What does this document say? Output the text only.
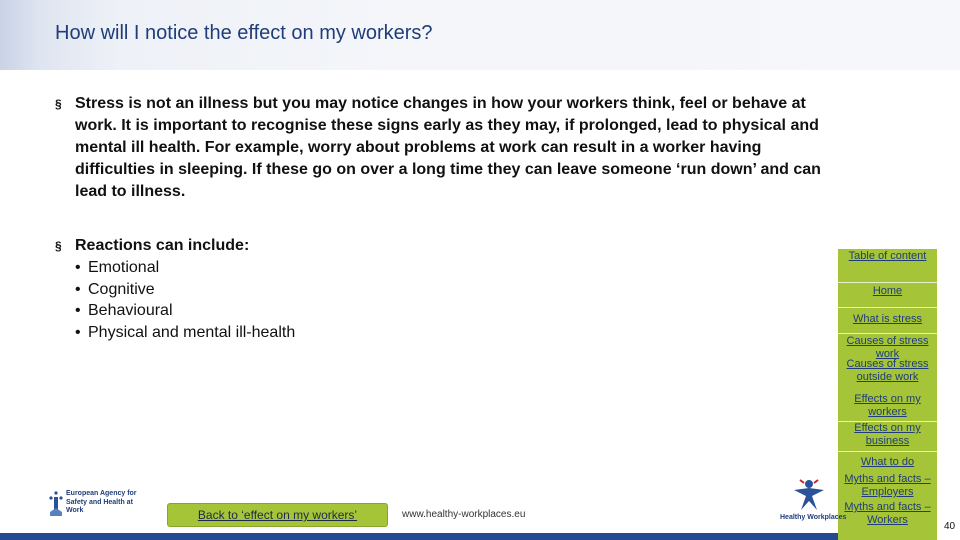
How will I notice the effect on my workers?
§ Stress is not an illness but you may notice changes in how your workers think, feel or behave at work. It is important to recognise these signs early as they may, if prolonged, lead to physical and mental ill health. For example, worry about problems at work can result in a worker having difficulties in sleeping. If these go on over a long time they can leave someone ‘run down’ and can lead to illness.
§ Reactions can include:
• Emotional
• Cognitive
• Behavioural
• Physical and mental ill-health
Table of content
Home
What is stress
Causes of stress work
Causes of stress outside work
Effects on my workers
Effects on my business
What to do
Myths and facts – Employers
Myths and facts – Workers
European Agency for Safety and Health at Work	Back to ‘effect on my workers’	www.healthy-workplaces.eu	Healthy Workplaces
40
